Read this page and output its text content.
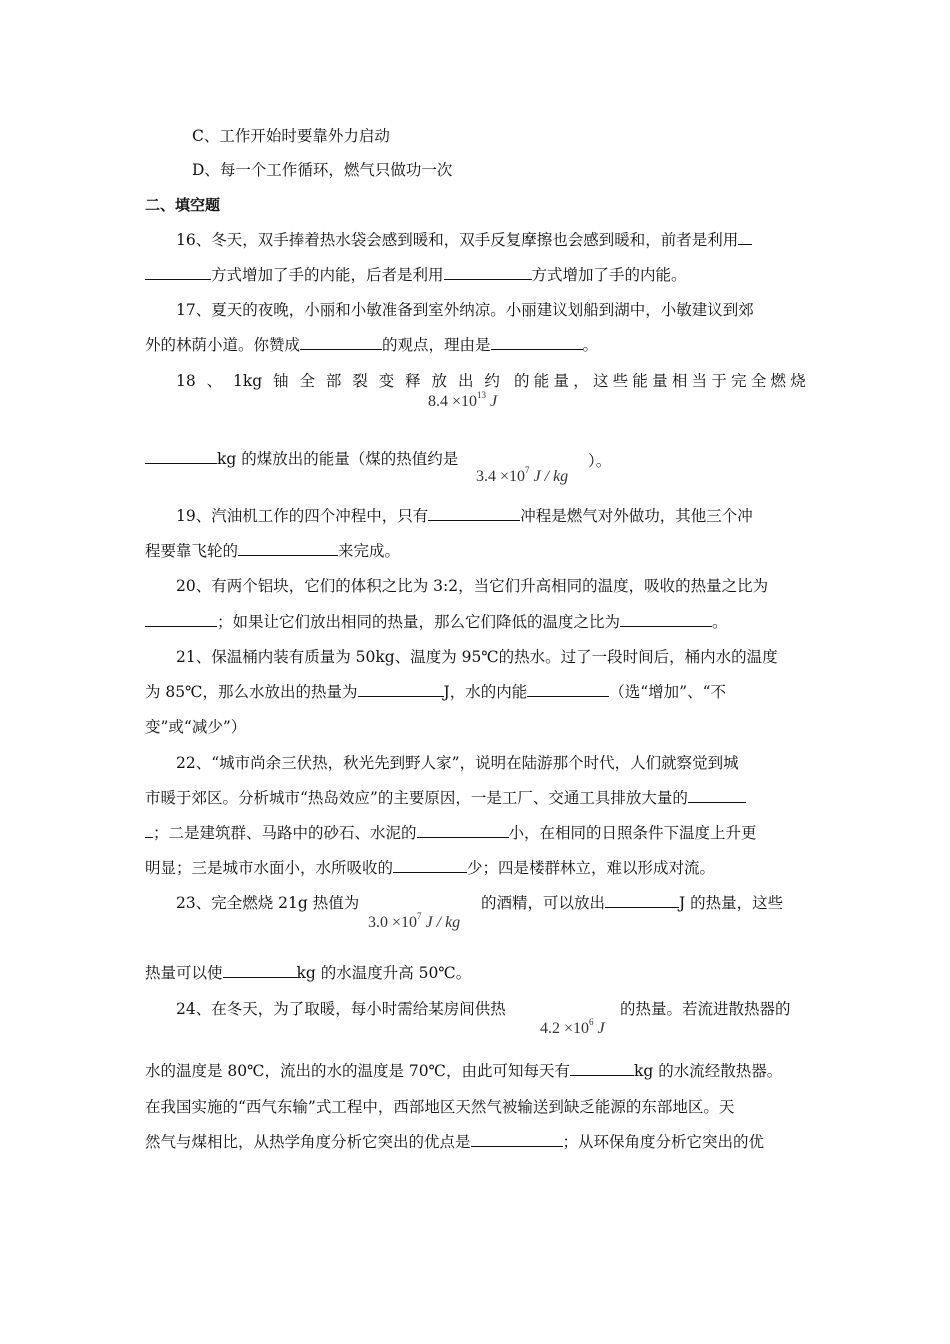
C、工作开始时要靠外力启动
D、每一个工作循环，燃气只做功一次
二、填空题
16、冬天，双手捧着热水袋会感到暖和，双手反复摩擦也会感到暖和，前者是利用
方式增加了手的内能，后者是利用	方式增加了手的内能。
17、夏天的夜晚，小丽和小敏准备到室外纳凉。小丽建议划船到湖中，小敏建议到郊
外的林荫小道。你赞成	的观点，理由是	。
18 、 1kg 铀 全 部 裂 变 释 放 出 约
$8.4 \times 10^{13}$ J
的 能 量 ， 这 些 能 量 相 当 于 完 全 燃 烧
kg 的煤放出的能量（煤的热值约是
$3.4 \times 10^7$ J / kg
）。
19、汽油机工作的四个冲程中，只有	冲程是燃气对外做功，其他三个冲
程要靠飞轮的	来完成。
20、有两个铝块，它们的体积之比为 3:2，当它们升高相同的温度，吸收的热量之比为
；如果让它们放出相同的热量，那么它们降低的温度之比为	。
21、保温桶内装有质量为 50kg、温度为 95℃的热水。过了一段时间后，桶内水的温度
为 85℃，那么水放出的热量为	J，水的内能	（选“增加”、“不
变”或“减少”）
22、“城市尚余三伏热，秋光先到野人家”，说明在陆游那个时代，人们就察觉到城
市暖于郊区。分析城市“热岛效应”的主要原因，一是工厂、交通工具排放大量的
；二是建筑群、马路中的砂石、水泥的	小，在相同的日照条件下温度上升更
明显；三是城市水面小，水所吸收的	少；四是楼群林立，难以形成对流。
23、完全燃烧 21g 热值为
$3.0 \times 10^7$ J / kg
的酒精，可以放出	J 的热量，这些
热量可以使	kg 的水温度升高 50℃。
24、在冬天，为了取暖，每小时需给某房间供热
$4.2 \times 10^6$ J
的热量。若流进散热器的
水的温度是 80℃，流出的水的温度是 70℃，由此可知每天有	kg 的水流经散热器。
在我国实施的“西气东输”式工程中，西部地区天然气被输送到缺乏能源的东部地区。天
然气与煤相比，从热学角度分析它突出的优点是	；从环保角度分析它突出的优
